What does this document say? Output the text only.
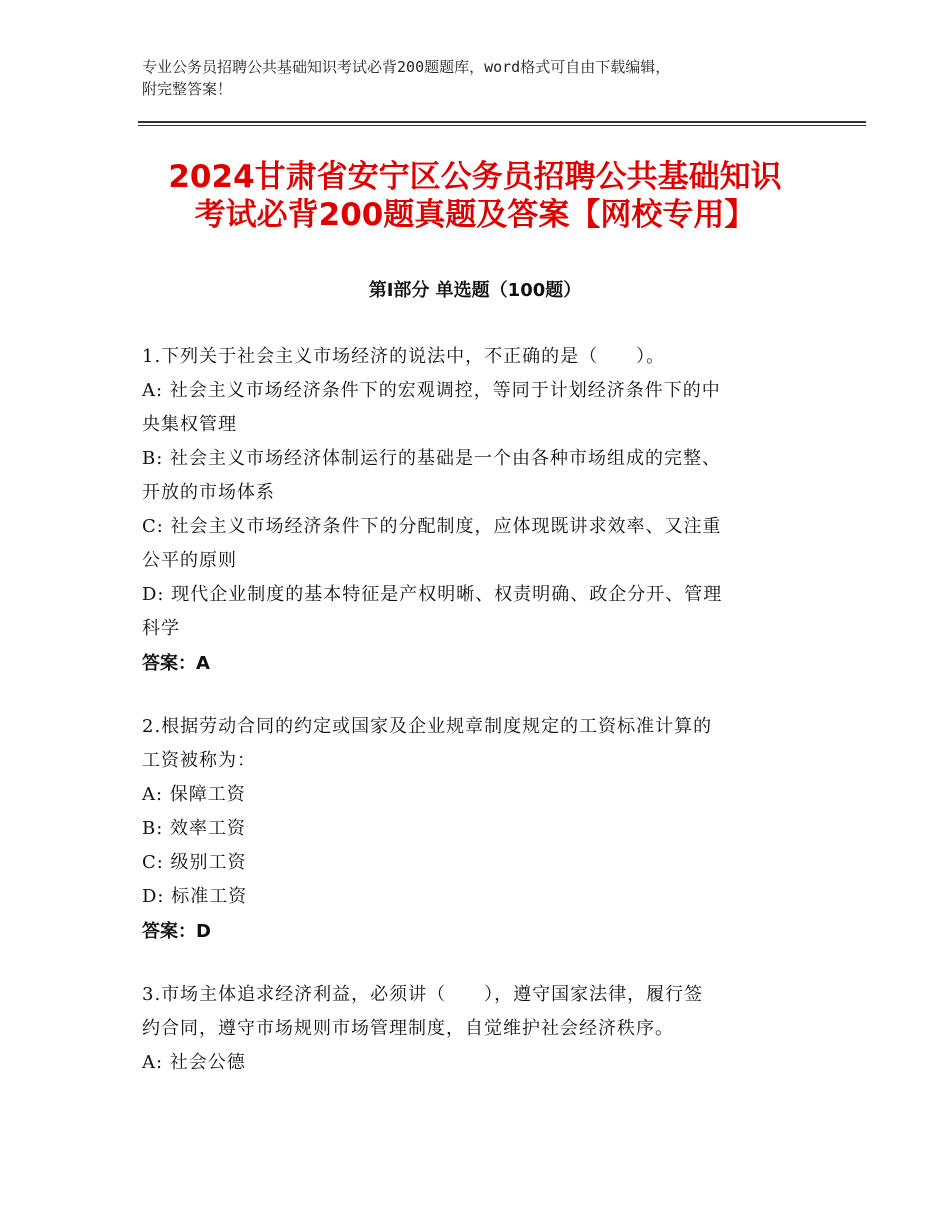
专业公务员招聘公共基础知识考试必背200题题库，word格式可自由下载编辑，
附完整答案！
2024甘肃省安宁区公务员招聘公共基础知识
考试必背200题真题及答案【网校专用】
第Ⅰ部分 单选题（100题）
1.下列关于社会主义市场经济的说法中，不正确的是（　　）。
A: 社会主义市场经济条件下的宏观调控，等同于计划经济条件下的中
央集权管理
B: 社会主义市场经济体制运行的基础是一个由各种市场组成的完整、
开放的市场体系
C: 社会主义市场经济条件下的分配制度，应体现既讲求效率、又注重
公平的原则
D: 现代企业制度的基本特征是产权明晰、权责明确、政企分开、管理
科学
答案：A
2.根据劳动合同的约定或国家及企业规章制度规定的工资标准计算的
工资被称为：
A: 保障工资
B: 效率工资
C: 级别工资
D: 标准工资
答案：D
3.市场主体追求经济利益，必须讲（　　），遵守国家法律，履行签
约合同，遵守市场规则市场管理制度，自觉维护社会经济秩序。
A: 社会公德
